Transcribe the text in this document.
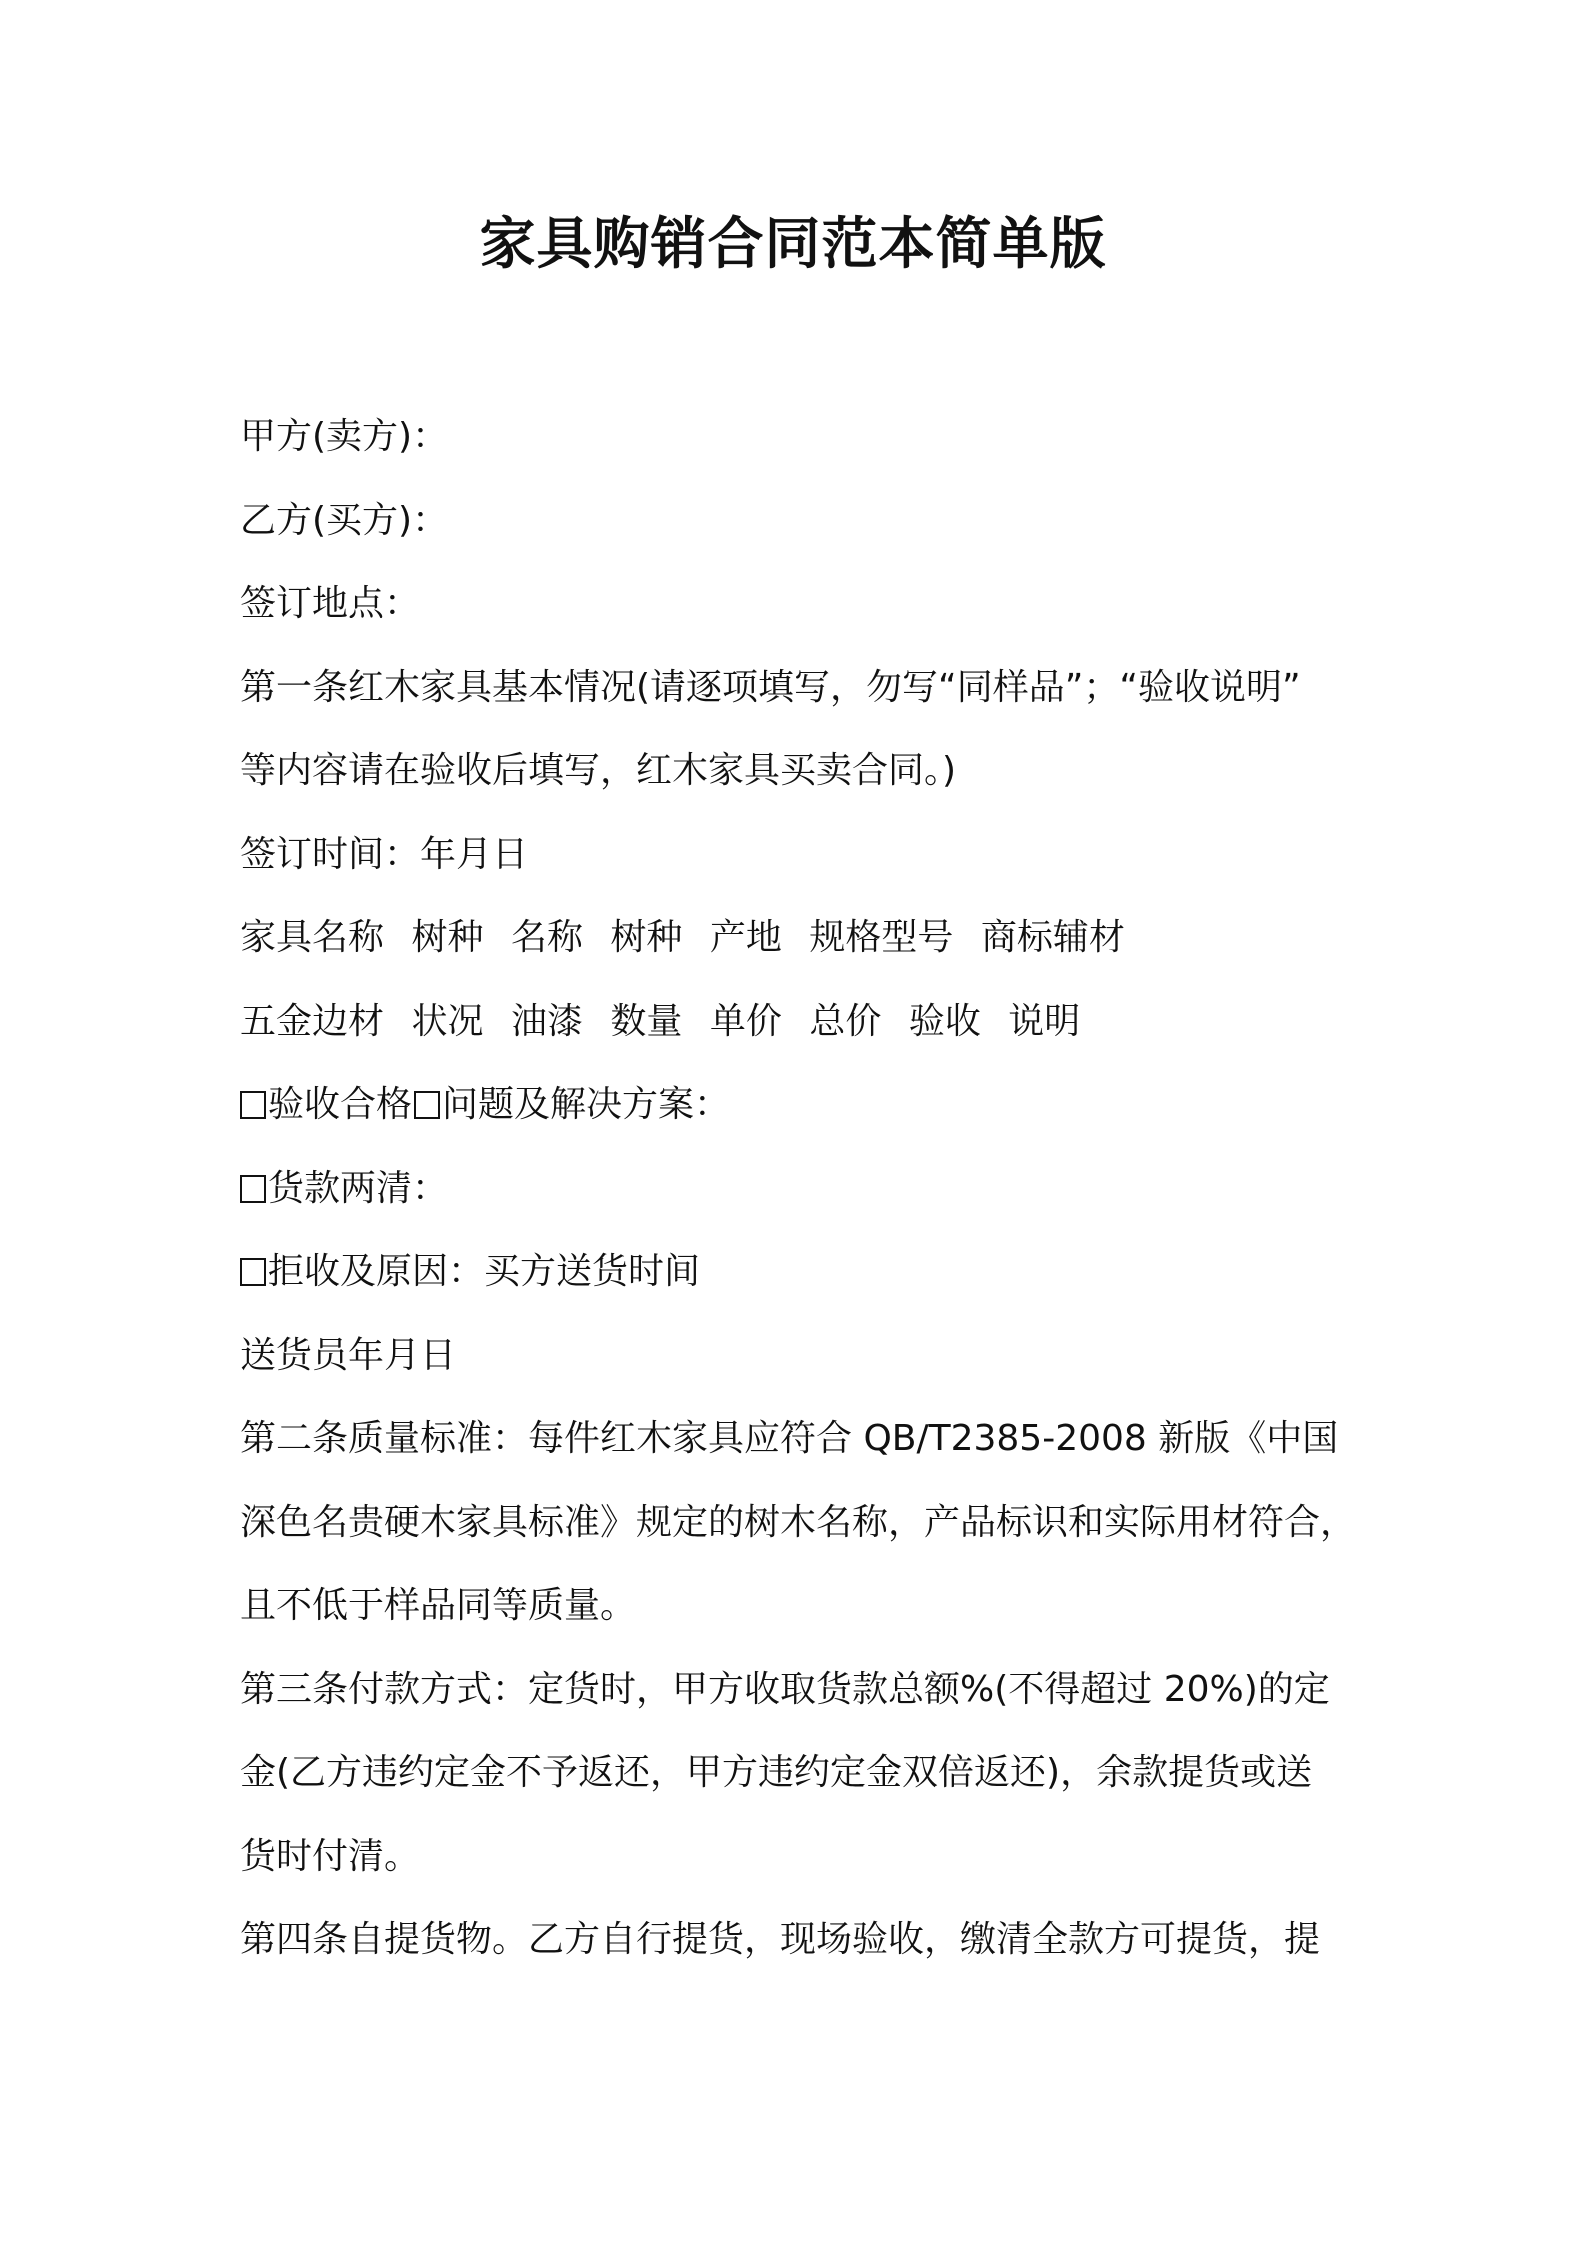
家具购销合同范本简单版

甲方(卖方)：

乙方(买方)：

签订地点：

第一条红木家具基本情况(请逐项填写，勿写“同样品”；“验收说明”

等内容请在验收后填写，红木家具买卖合同。)

签订时间：年月日

家具名称 树种 名称 树种 产地 规格型号 商标辅材

五金边材 状况 油漆 数量 单价 总价 验收 说明

验收合格 问题及解决方案：

货款两清：

拒收及原因：买方送货时间

送货员年月日

第二条质量标准：每件红木家具应符合 QB/T2385-2008 新版《中国

深色名贵硬木家具标准》规定的树木名称，产品标识和实际用材符合，

且不低于样品同等质量。

第三条付款方式：定货时，甲方收取货款总额%(不得超过 20%)的定

金(乙方违约定金不予返还，甲方违约定金双倍返还)，余款提货或送

货时付清。

第四条自提货物。乙方自行提货，现场验收，缴清全款方可提货，提
